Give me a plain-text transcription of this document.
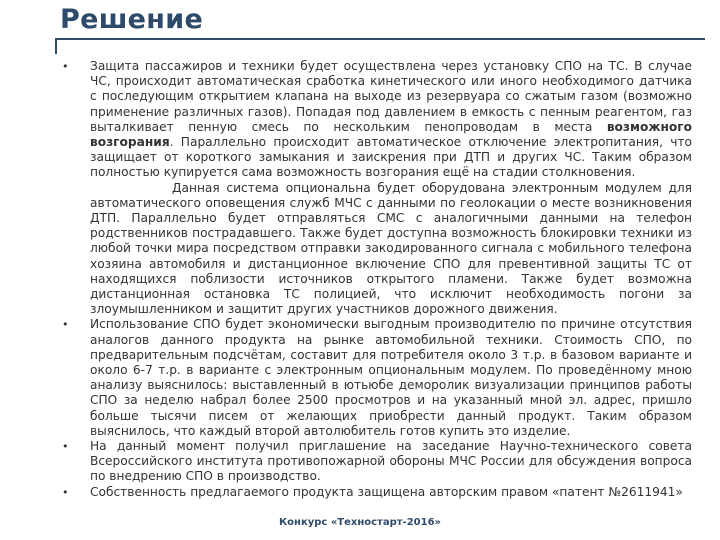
Решение
• Защита пассажиров и техники будет осуществлена через установку СПО на ТС. В случае ЧС, происходит автоматическая сработка кинетического или иного необходимого датчика с последующим открытием клапана на выходе из резервуара со сжатым газом (возможно применение различных газов). Попадая под давлением в емкость с пенным реагентом, газ выталкивает пенную смесь по нескольким пенопроводам в места возможного возгорания. Параллельно происходит автоматическое отключение электропитания, что защищает от короткого замыкания и заискрения при ДТП и других ЧС. Таким образом полностью купируется сама возможность возгорания ещё на стадии столкновения.
Данная система опциональна будет оборудована электронным модулем для автоматического оповещения служб МЧС с данными по геолокации о месте возникновения ДТП. Параллельно будет отправляться СМС с аналогичными данными на телефон родственников пострадавшего. Также будет доступна возможность блокировки техники из любой точки мира посредством отправки закодированного сигнала с мобильного телефона хозяина автомобиля и дистанционное включение СПО для превентивной защиты ТС от находящихся поблизости источников открытого пламени. Также будет возможна дистанционная остановка ТС полицией, что исключит необходимость погони за злоумышленником и защитит других участников дорожного движения.
• Использование СПО будет экономически выгодным производителю по причине отсутствия аналогов данного продукта на рынке автомобильной техники. Стоимость СПО, по предварительным подсчётам, составит для потребителя около 3 т.р. в базовом варианте и около 6-7 т.р. в варианте с электронным опциональным модулем. По проведённому мною анализу выяснилось: выставленный в ютьюбе деморолик визуализации принципов работы СПО за неделю набрал более 2500 просмотров и на указанный мной эл. адрес, пришло больше тысячи писем от желающих приобрести данный продукт. Таким образом выяснилось, что каждый второй автолюбитель готов купить это изделие.
• На данный момент получил приглашение на заседание Научно-технического совета Всероссийского института противопожарной обороны МЧС России для обсуждения вопроса по внедрению СПО в производство.
• Собственность предлагаемого продукта защищена авторским правом «патент №2611941»
Конкурс «Техностарт-2016»
